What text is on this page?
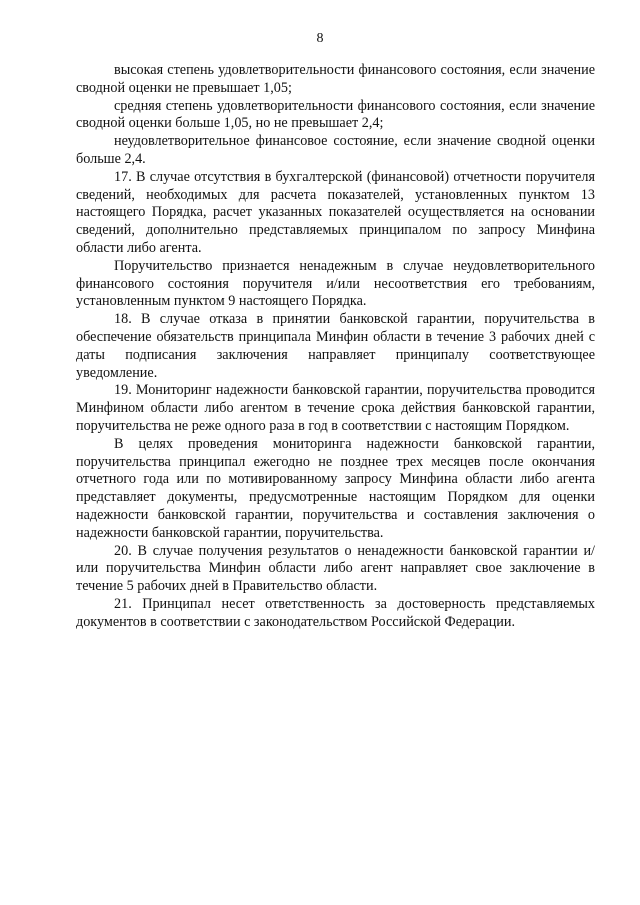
8

высокая степень удовлетворительности финансового состояния, если значение сводной оценки не превышает 1,05;

средняя степень удовлетворительности финансового состояния, если значение сводной оценки больше 1,05, но не превышает 2,4;

неудовлетворительное финансовое состояние, если значение сводной оценки больше 2,4.

17. В случае отсутствия в бухгалтерской (финансовой) отчетности поручителя сведений, необходимых для расчета показателей, установленных пунктом 13 настоящего Порядка, расчет указанных показателей осуществляется на основании сведений, дополнительно представляемых принципалом по запросу Минфина области либо агента.

Поручительство признается ненадежным в случае неудовлетворительного финансового состояния поручителя и/или несоответствия его требованиям, установленным пунктом 9 настоящего Порядка.

18. В случае отказа в принятии банковской гарантии, поручительства в обеспечение обязательств принципала Минфин области в течение 3 рабочих дней с даты подписания заключения направляет принципалу соответствующее уведомление.

19. Мониторинг надежности банковской гарантии, поручительства проводится Минфином области либо агентом в течение срока действия банковской гарантии, поручительства не реже одного раза в год в соответствии с настоящим Порядком.

В целях проведения мониторинга надежности банковской гарантии, поручительства принципал ежегодно не позднее трех месяцев после окончания отчетного года или по мотивированному запросу Минфина области либо агента представляет документы, предусмотренные настоящим Порядком для оценки надежности банковской гарантии, поручительства и составления заключения о надежности банковской гарантии, поручительства.

20. В случае получения результатов о ненадежности банковской гарантии и/или поручительства Минфин области либо агент направляет свое заключение в течение 5 рабочих дней в Правительство области.

21. Принципал несет ответственность за достоверность представляемых документов в соответствии с законодательством Российской Федерации.
